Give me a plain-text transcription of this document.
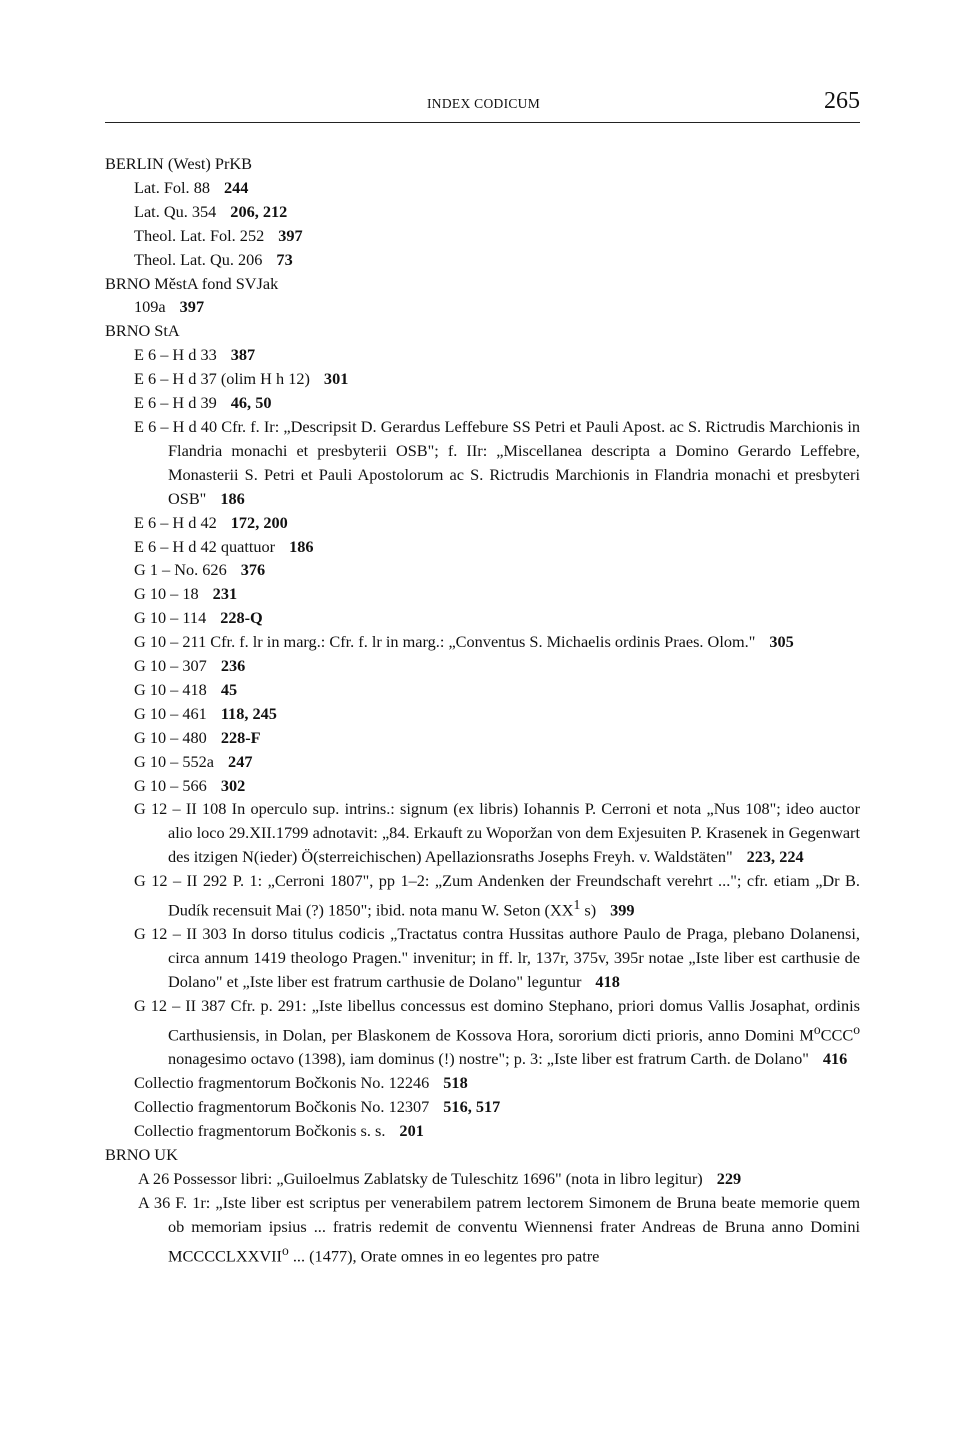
INDEX CODICUM	265
BERLIN (West) PrKB
Lat. Fol. 88 244
Lat. Qu. 354 206, 212
Theol. Lat. Fol. 252 397
Theol. Lat. Qu. 206 73
BRNO MěstA fond SVJak
109a 397
BRNO StA
E 6 – H d 33 387
E 6 – H d 37 (olim H h 12) 301
E 6 – H d 39 46, 50
E 6 – H d 40 Cfr. f. Ir: „Descripsit D. Gerardus Leffebure SS Petri et Pauli Apost. ac S. Rictrudis Marchionis in Flandria monachi et presbyterii OSB"; f. IIr: „Miscellanea descripta a Domino Gerardo Leffebre, Monasterii S. Petri et Pauli Apostolorum ac S. Rictrudis Marchionis in Flandria monachi et presbyteri OSB" 186
E 6 – H d 42 172, 200
E 6 – H d 42 quattuor 186
G 1 – No. 626 376
G 10 – 18 231
G 10 – 114 228-Q
G 10 – 211 Cfr. f. lr in marg.: Cfr. f. lr in marg.: „Conventus S. Michaelis ordinis Praes. Olom." 305
G 10 – 307 236
G 10 – 418 45
G 10 – 461 118, 245
G 10 – 480 228-F
G 10 – 552a 247
G 10 – 566 302
G 12 – II 108 In operculo sup. intrins.: signum (ex libris) Iohannis P. Cerroni et nota „Nus 108"; ideo auctor alio loco 29.XII.1799 adnotavit: „84. Erkauft zu Woporžan von dem Exjesuiten P. Krasenek in Gegenwart des itzigen N(ieder) Ö(sterreichischen) Apellazionsraths Josephs Freyh. v. Waldstäten" 223, 224
G 12 – II 292 P. 1: „Cerroni 1807", pp 1–2: „Zum Andenken der Freundschaft verehrt ..."; cfr. etiam „Dr B. Dudík recensuit Mai (?) 1850"; ibid. nota manu W. Seton ($XX^1$ s) 399
G 12 – II 303 In dorso titulus codicis „Tractatus contra Hussitas authore Paulo de Praga, plebano Dolanensi, circa annum 1419 theologo Pragen." invenitur; in ff. lr, 137r, 375v, 395r notae „Iste liber est carthusie de Dolano" et „Iste liber est fratrum carthusie de Dolano" leguntur 418
G 12 – II 387 Cfr. p. 291: „Iste libellus concessus est domino Stephano, priori domus Vallis Josaphat, ordinis Carthusiensis, in Dolan, per Blaskonem de Kossova Hora, sororium dicti prioris, anno Domini $M^oCCC^o$ nonagesimo octavo (1398), iam dominus (!) nostre"; p. 3: „Iste liber est fratrum Carth. de Dolano" 416
Collectio fragmentorum Bočkonis No. 12246 518
Collectio fragmentorum Bočkonis No. 12307 516, 517
Collectio fragmentorum Bočkonis s. s. 201
BRNO UK
A 26 Possessor libri: „Guiloelmus Zablatsky de Tuleschitz 1696" (nota in libro legitur) 229
A 36 F. 1r: „Iste liber est scriptus per venerabilem patrem lectorem Simonem de Bruna beate memorie quem ob memoriam ipsius ... fratris redemit de conventu Wiennensi frater Andreas de Bruna anno Domini MCCCCLXXVII$^o$ ... (1477), Orate omnes in eo legentes pro patre
